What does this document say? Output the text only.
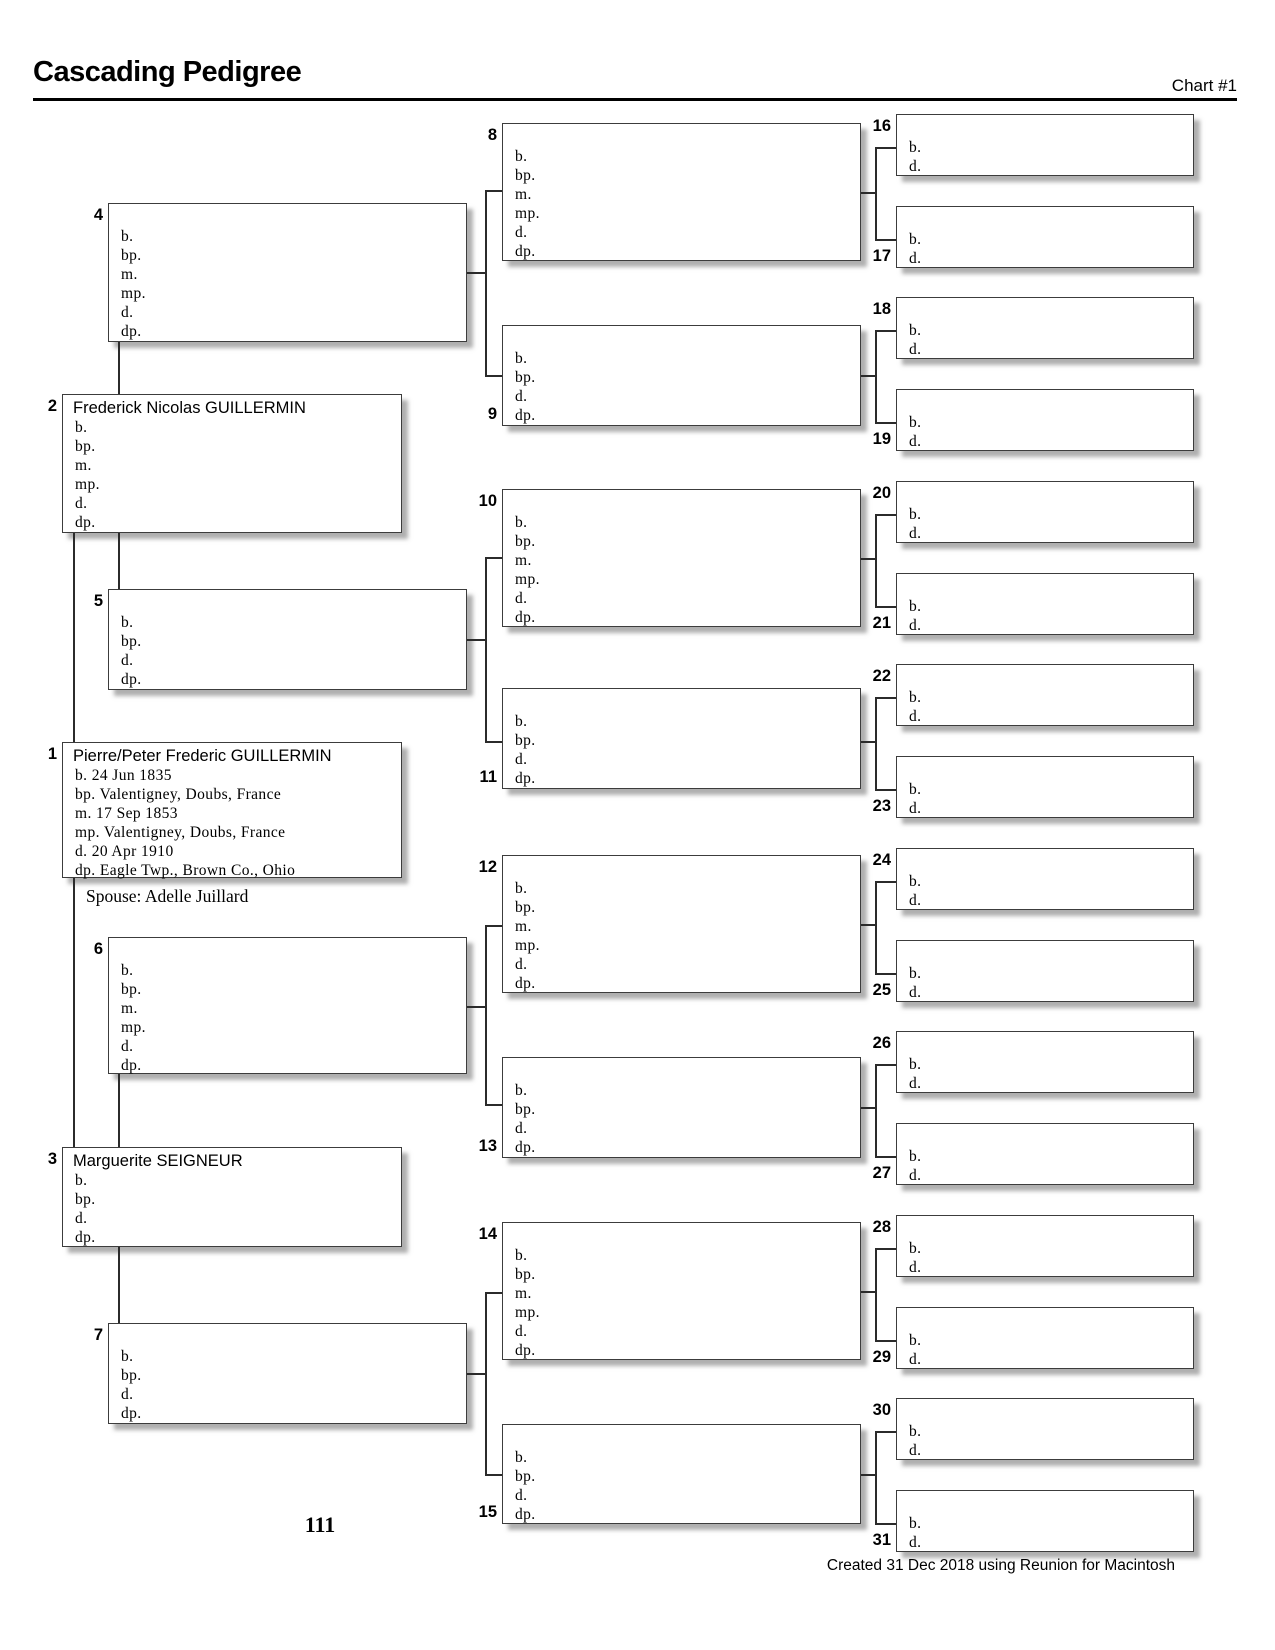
Cascading Pedigree	Chart #1
Pierre/Peter Frederic GUILLERMIN
b. 24 Jun 1835
bp. Valentigney, Doubs, France
m. 17 Sep 1853
mp. Valentigney, Doubs, France
d. 20 Apr 1910
dp. Eagle Twp., Brown Co., Ohio
1
Frederick Nicolas GUILLERMIN
b.
bp.
m.
mp.
d.
dp.
2
Marguerite SEIGNEUR
b.
bp.
d.
dp.
3
b.
bp.
m.
mp.
d.
dp.
4
b.
bp.
d.
dp.
5
b.
bp.
m.
mp.
d.
dp.
6
b.
bp.
d.
dp.
7
b.
bp.
m.
mp.
d.
dp.
8
b.
bp.
d.
dp.
9
b.
bp.
m.
mp.
d.
dp.
10
b.
bp.
d.
dp.
11
b.
bp.
m.
mp.
d.
dp.
12
b.
bp.
d.
dp.
13
b.
bp.
m.
mp.
d.
dp.
14
b.
bp.
d.
dp.
15
b.
d.
16
b.
d.
17
b.
d.
18
b.
d.
19
b.
d.
20
b.
d.
21
b.
d.
22
b.
d.
23
b.
d.
24
b.
d.
25
b.
d.
26
b.
d.
27
b.
d.
28
b.
d.
29
b.
d.
30
b.
d.
31
Spouse: Adelle Juillard
111
Created 31 Dec 2018 using Reunion for Macintosh
